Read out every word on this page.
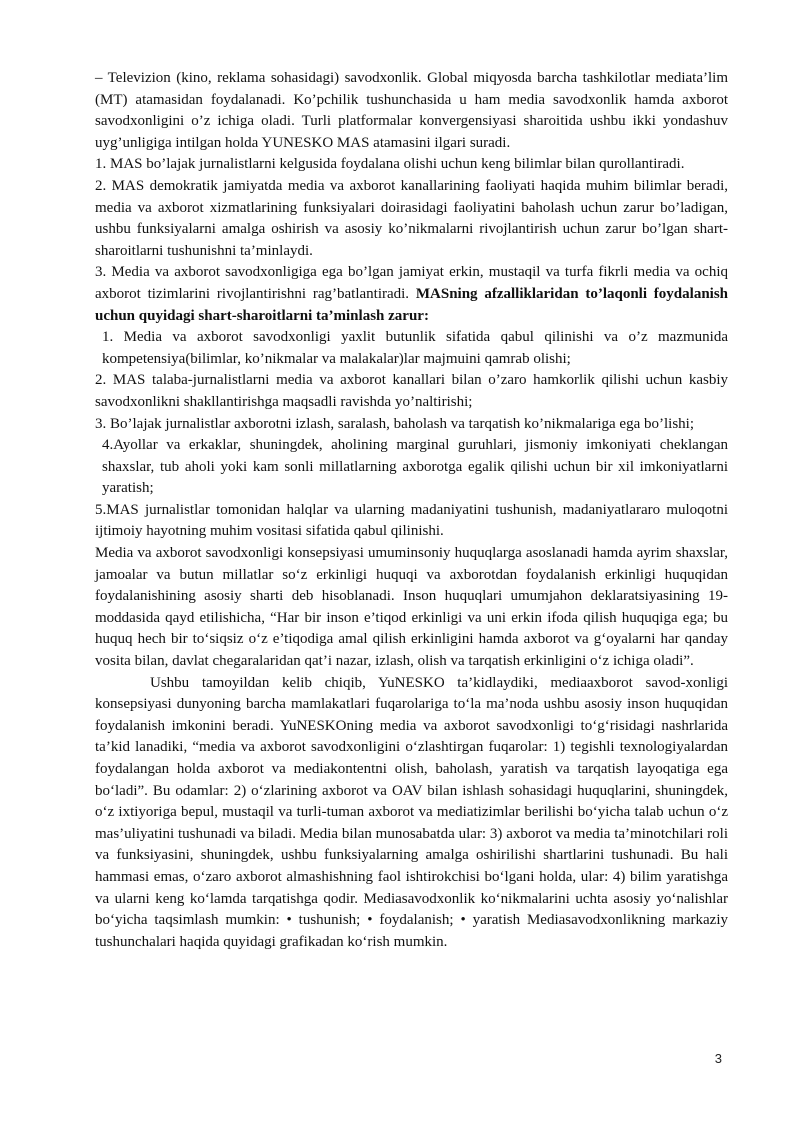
– Televizion (kino, reklama sohasidagi) savodxonlik. Global miqyosda barcha tashkilotlar mediata’lim (MT) atamasidan foydalanadi. Ko’pchilik tushunchasida u ham media savodxonlik hamda axborot savodxonligini o’z ichiga oladi. Turli platformalar konvergensiyasi sharoitida ushbu ikki yondashuv uyg’unligiga intilgan holda YUNESKO MAS atamasini ilgari suradi.

1. MAS bo’lajak jurnalistlarni kelgusida foydalana olishi uchun keng bilimlar bilan qurollantiradi.

2. MAS demokratik jamiyatda media va axborot kanallarining faoliyati haqida muhim bilimlar beradi, media va axborot xizmatlarining funksiyalari doirasidagi faoliyatini baholash uchun zarur bo’ladigan, ushbu funksiyalarni amalga oshirish va asosiy ko’nikmalarni rivojlantirish uchun zarur bo’lgan shart-sharoitlarni tushunishni ta’minlaydi.

3. Media va axborot savodxonligiga ega bo’lgan jamiyat erkin, mustaqil va turfa fikrli media va ochiq axborot tizimlarini rivojlantirishni rag’batlantiradi. MASning afzalliklaridan to’laqonli foydalanish uchun quyidagi shart-sharoitlarni ta’minlash zarur:

1. Media va axborot savodxonligi yaxlit butunlik sifatida qabul qilinishi va o’z mazmunida kompetensiya(bilimlar, ko’nikmalar va malakalar)lar majmuini qamrab olishi;

2. MAS talaba-jurnalistlarni media va axborot kanallari bilan o’zaro hamkorlik qilishi uchun kasbiy savodxonlikni shakllantirishga maqsadli ravishda yo’naltirishi;

3. Bo’lajak jurnalistlar axborotni izlash, saralash, baholash va tarqatish ko’nikmalariga ega bo’lishi;

4.Ayollar va erkaklar, shuningdek, aholining marginal guruhlari, jismoniy imkoniyati cheklangan shaxslar, tub aholi yoki kam sonli millatlarning axborotga egalik qilishi uchun bir xil imkoniyatlarni yaratish;

5.MAS jurnalistlar tomonidan halqlar va ularning madaniyatini tushunish, madaniyatlararo muloqotni ijtimoiy hayotning muhim vositasi sifatida qabul qilinishi.

Media va axborot savodxonligi konsepsiyasi umuminsoniy huquqlarga asoslanadi hamda ayrim shaxslar, jamoalar va butun millatlar so‘z erkinligi huquqi va axborotdan foydalanish erkinligi huquqidan foydalanishining asosiy sharti deb hisoblanadi. Inson huquqlari umumjahon deklaratsiyasining 19-moddasida qayd etilishicha, “Har bir inson e’tiqod erkinligi va uni erkin ifoda qilish huquqiga ega; bu huquq hech bir to‘siqsiz o‘z e’tiqodiga amal qilish erkinligini hamda axborot va g‘oyalarni har qanday vosita bilan, davlat chegaralaridan qat’i nazar, izlash, olish va tarqatish erkinligini o‘z ichiga oladi”.

Ushbu tamoyildan kelib chiqib, YuNESKO ta’kidlaydiki, mediaaxborot savod-xonligi konsepsiyasi dunyoning barcha mamlakatlari fuqarolariga to‘la ma’noda ushbu asosiy inson huquqidan foydalanish imkonini beradi. YuNESKOning media va axborot savodxonligi to‘g‘risidagi nashrlarida ta’kid lanadiki, “media va axborot savodxonligini o‘zlashtirgan fuqarolar: 1) tegishli texnologiyalardan foydalangan holda axborot va mediakontentni olish, baholash, yaratish va tarqatish layoqatiga ega bo‘ladi”. Bu odamlar: 2) o‘zlarining axborot va OAV bilan ishlash sohasidagi huquqlarini, shuningdek, o‘z ixtiyoriga bepul, mustaqil va turli-tuman axborot va mediatizimlar berilishi bo‘yicha talab uchun o‘z mas’uliyatini tushunadi va biladi. Media bilan munosabatda ular: 3) axborot va media ta’minotchilari roli va funksiyasini, shuningdek, ushbu funksiyalarning amalga oshirilishi shartlarini tushunadi. Bu hali hammasi emas, o‘zaro axborot almashishning faol ishtirokchisi bo‘lgani holda, ular: 4) bilim yaratishga va ularni keng ko‘lamda tarqatishga qodir. Mediasavodxonlik ko‘nikmalarini uchta asosiy yo‘nalishlar bo‘yicha taqsimlash mumkin: • tushunish; • foydalanish; • yaratish Mediasavodxonlikning markaziy tushunchalari haqida quyidagi grafikadan ko‘rish mumkin.

3
